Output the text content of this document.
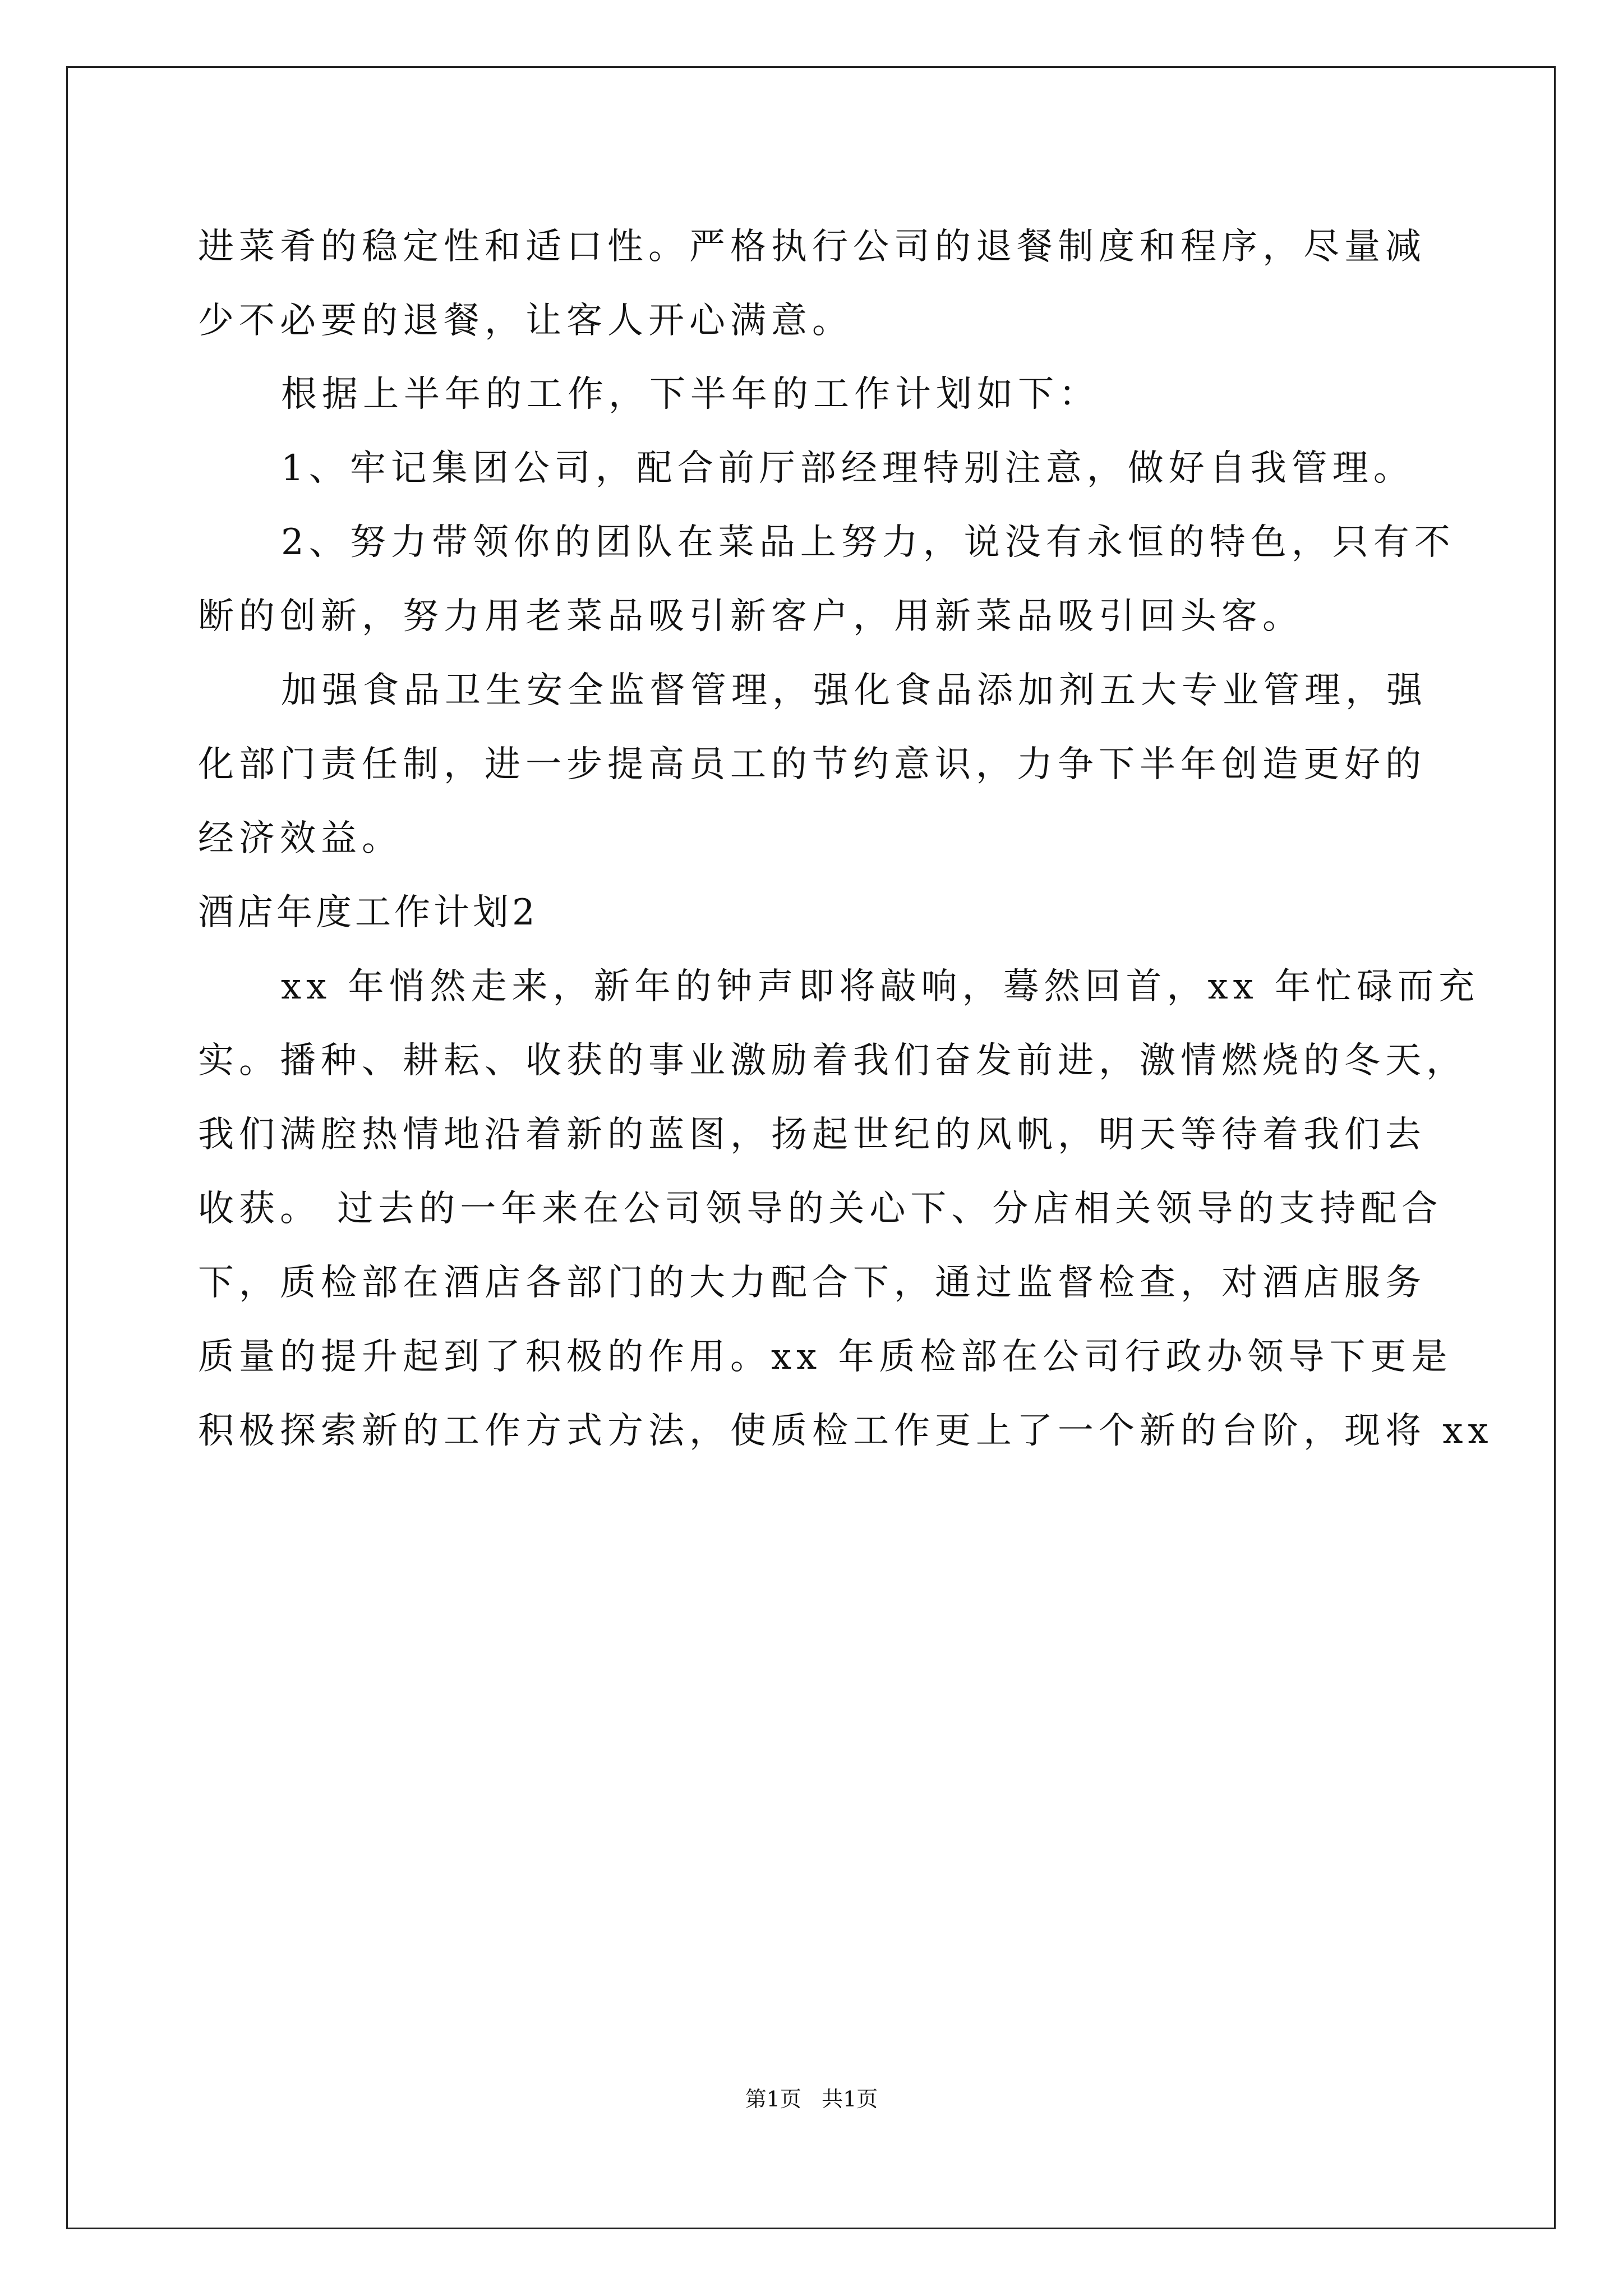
进菜肴的稳定性和适口性。严格执行公司的退餐制度和程序，尽量减
少不必要的退餐，让客人开心满意。
根据上半年的工作，下半年的工作计划如下：
1、牢记集团公司，配合前厅部经理特别注意，做好自我管理。
2、努力带领你的团队在菜品上努力，说没有永恒的特色，只有不
断的创新，努力用老菜品吸引新客户，用新菜品吸引回头客。
加强食品卫生安全监督管理，强化食品添加剂五大专业管理，强
化部门责任制，进一步提高员工的节约意识，力争下半年创造更好的
经济效益。
酒店年度工作计划2
xx 年悄然走来，新年的钟声即将敲响，蓦然回首，xx 年忙碌而充
实。播种、耕耘、收获的事业激励着我们奋发前进，激情燃烧的冬天，
我们满腔热情地沿着新的蓝图，扬起世纪的风帆，明天等待着我们去
收获。 过去的一年来在公司领导的关心下、分店相关领导的支持配合
下，质检部在酒店各部门的大力配合下，通过监督检查，对酒店服务
质量的提升起到了积极的作用。xx 年质检部在公司行政办领导下更是
积极探索新的工作方式方法，使质检工作更上了一个新的台阶，现将 xx
第1页   共1页
